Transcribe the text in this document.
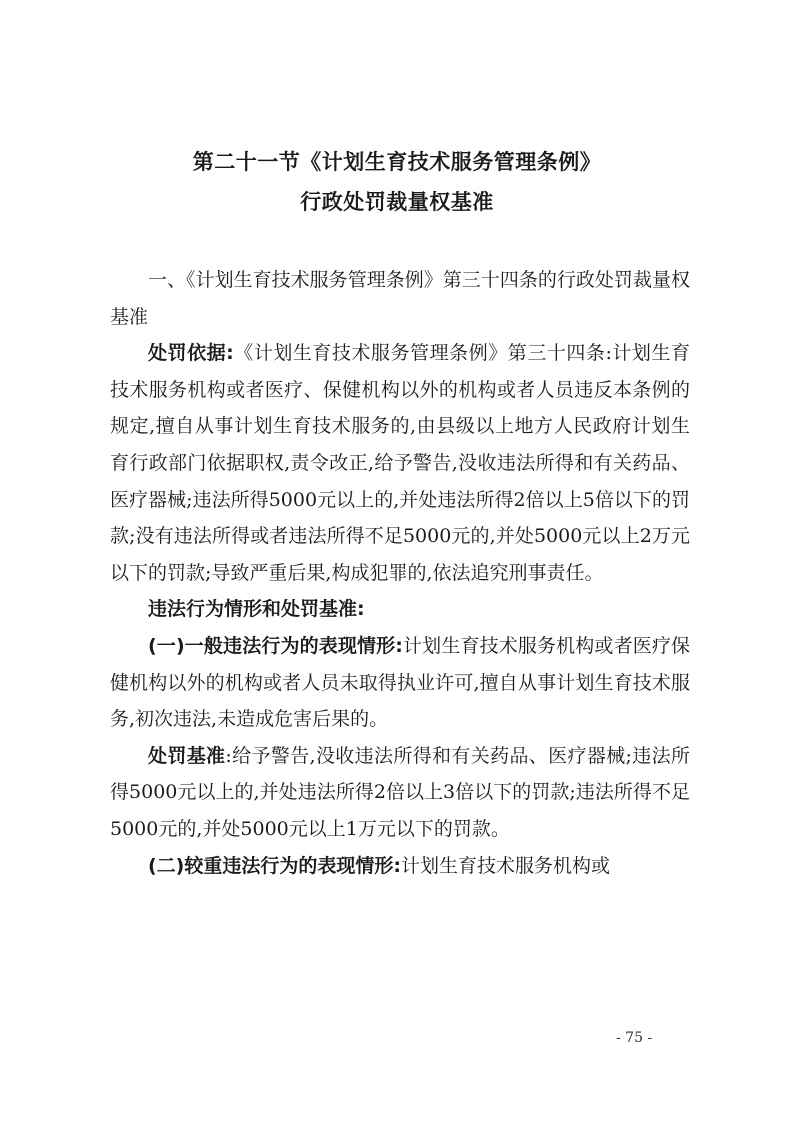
第二十一节《计划生育技术服务管理条例》
行政处罚裁量权基准

一、《计划生育技术服务管理条例》第三十四条的行政处罚裁量权基准

处罚依据:《计划生育技术服务管理条例》第三十四条:计划生育技术服务机构或者医疗、保健机构以外的机构或者人员违反本条例的规定,擅自从事计划生育技术服务的,由县级以上地方人民政府计划生育行政部门依据职权,责令改正,给予警告,没收违法所得和有关药品、医疗器械;违法所得5000元以上的,并处违法所得2倍以上5倍以下的罚款;没有违法所得或者违法所得不足5000元的,并处5000元以上2万元以下的罚款;导致严重后果,构成犯罪的,依法追究刑事责任。

违法行为情形和处罚基准:

(一)一般违法行为的表现情形:计划生育技术服务机构或者医疗保健机构以外的机构或者人员未取得执业许可,擅自从事计划生育技术服务,初次违法,未造成危害后果的。

处罚基准:给予警告,没收违法所得和有关药品、医疗器械;违法所得5000元以上的,并处违法所得2倍以上3倍以下的罚款;违法所得不足5000元的,并处5000元以上1万元以下的罚款。

(二)较重违法行为的表现情形:计划生育技术服务机构或

- 75 -
